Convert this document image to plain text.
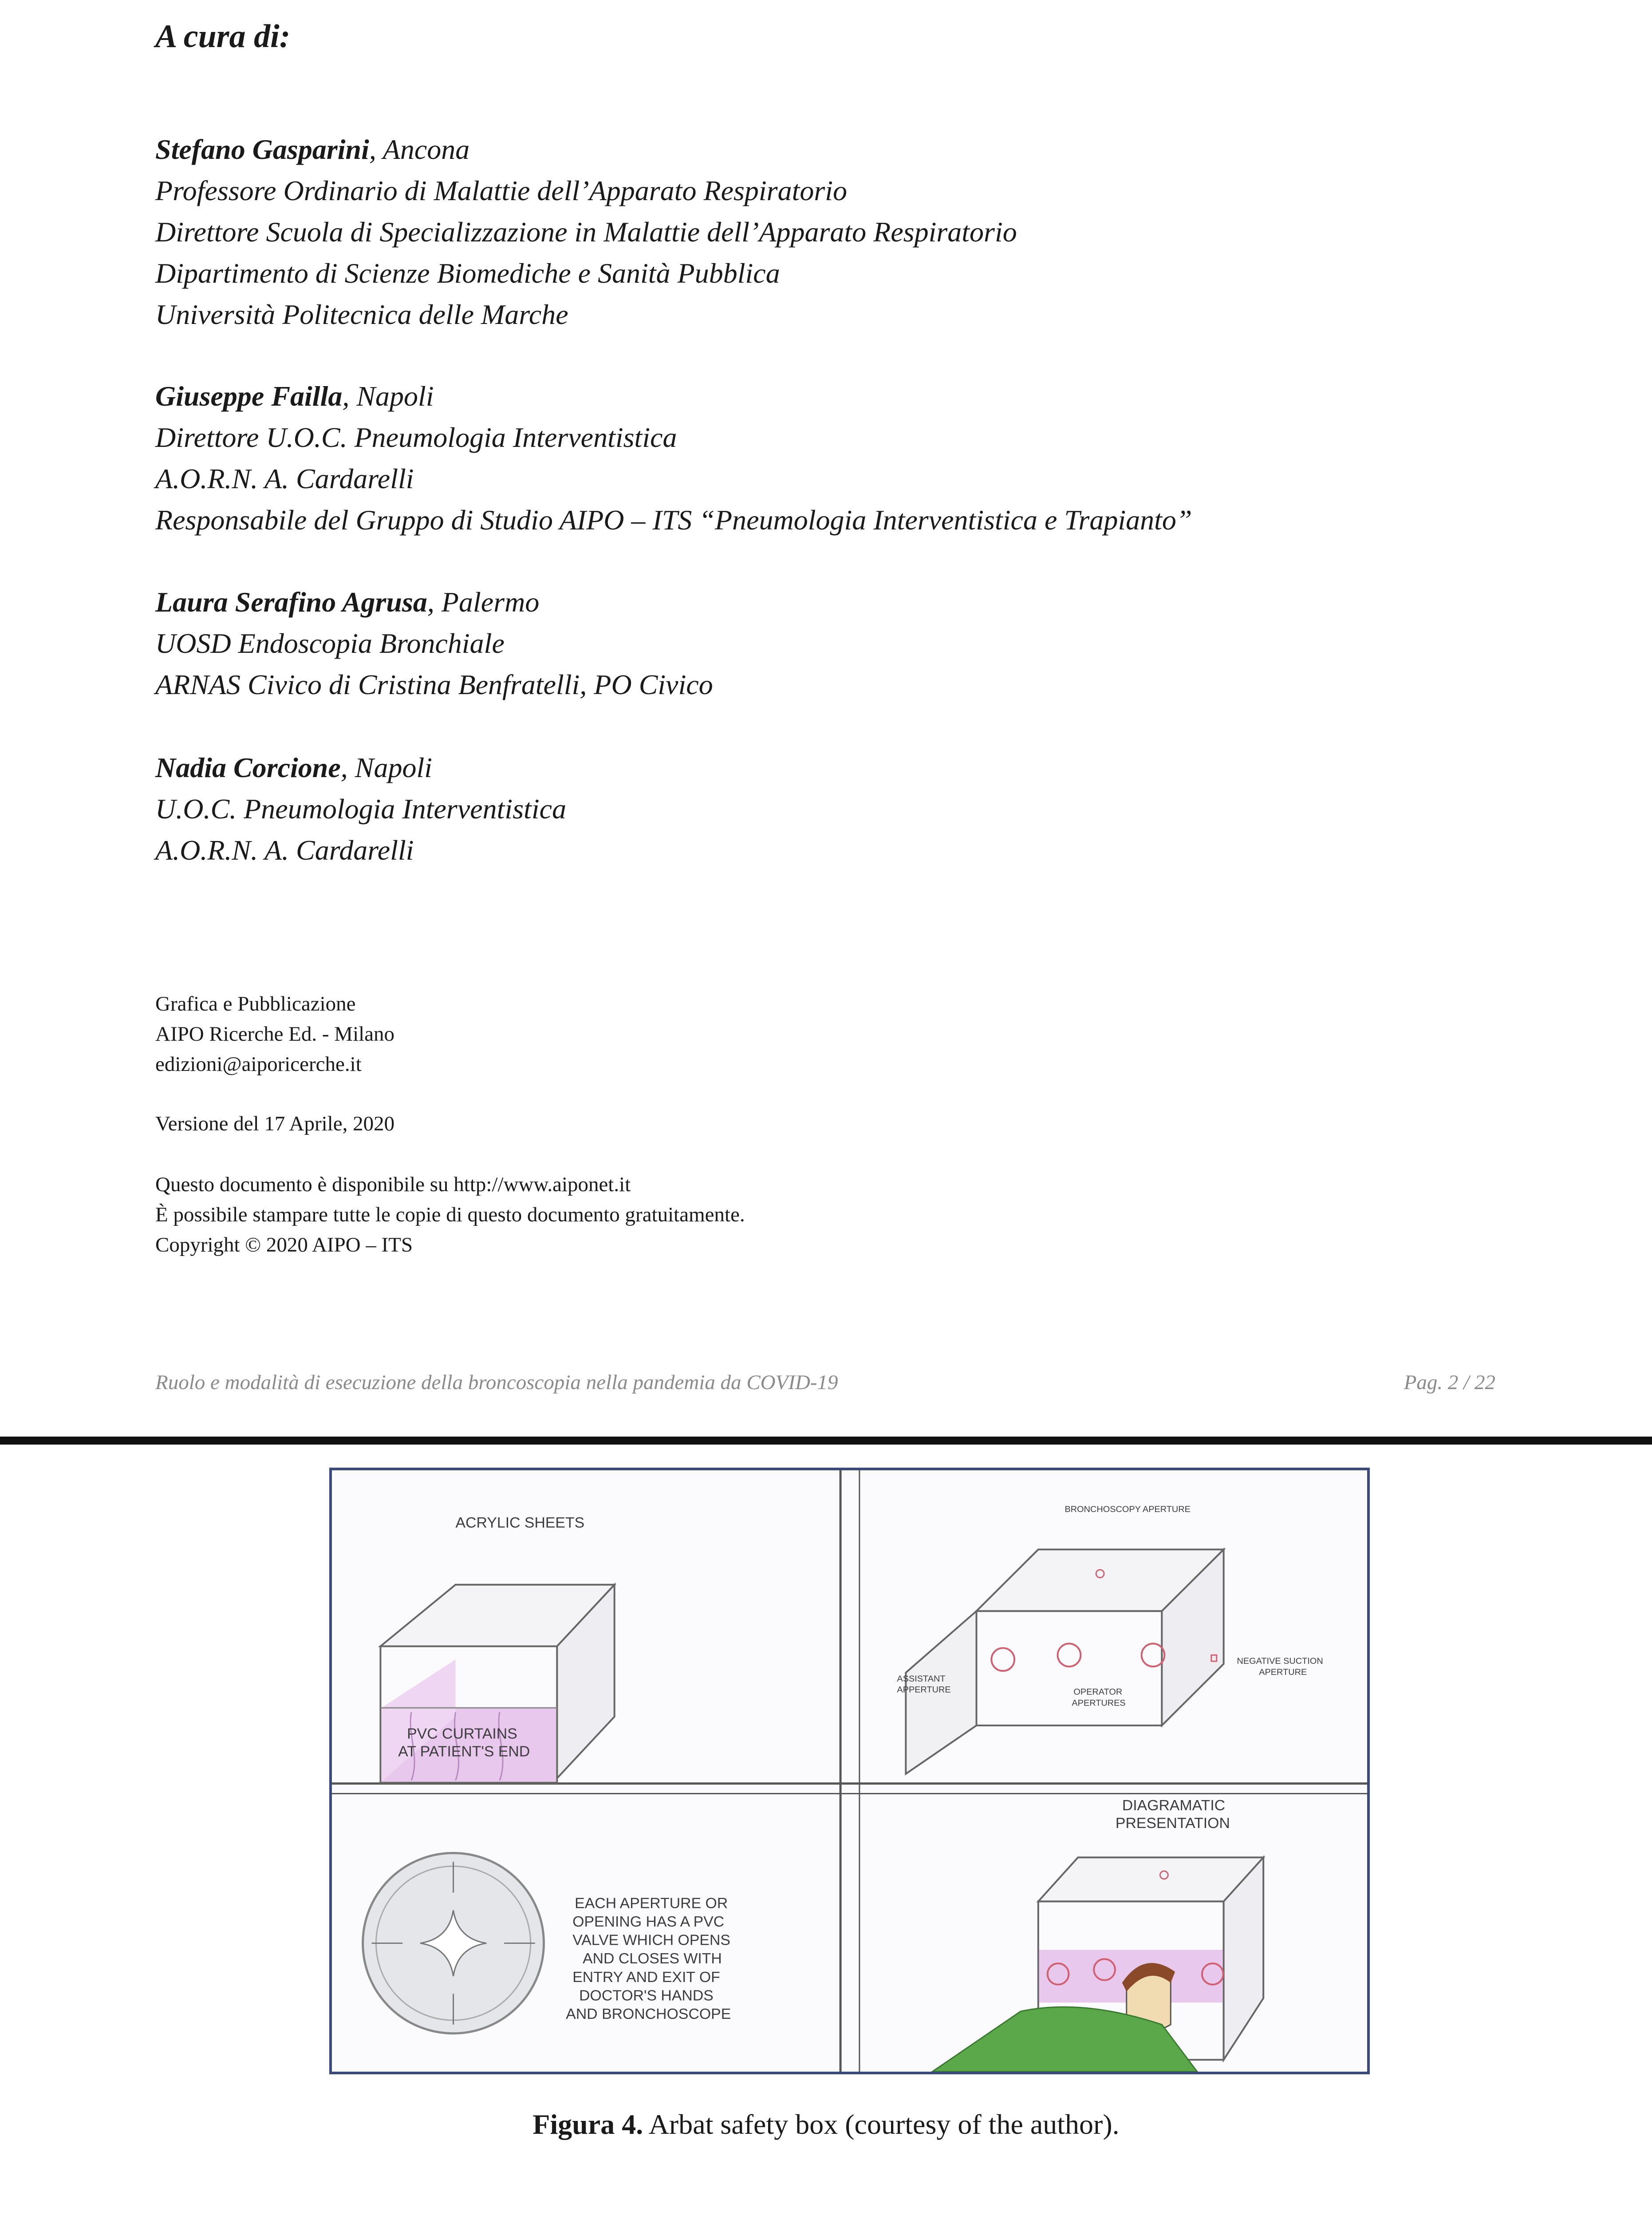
A cura di:
Stefano Gasparini, Ancona
Professore Ordinario di Malattie dell’Apparato Respiratorio
Direttore Scuola di Specializzazione in Malattie dell’Apparato Respiratorio
Dipartimento di Scienze Biomediche e Sanità Pubblica
Università Politecnica delle Marche
Giuseppe Failla, Napoli
Direttore U.O.C. Pneumologia Interventistica
A.O.R.N. A. Cardarelli
Responsabile del Gruppo di Studio AIPO – ITS “Pneumologia Interventistica e Trapianto”
Laura Serafino Agrusa, Palermo
UOSD Endoscopia Bronchiale
ARNAS Civico di Cristina Benfratelli, PO Civico
Nadia Corcione, Napoli
U.O.C. Pneumologia Interventistica
A.O.R.N. A. Cardarelli
Grafica e Pubblicazione
AIPO Ricerche Ed. - Milano
edizioni@aiporicerche.it
Versione del 17 Aprile, 2020
Questo documento è disponibile su http://www.aiponet.it
È possibile stampare tutte le copie di questo documento gratuitamente.
Copyright © 2020 AIPO – ITS
Ruolo e modalità di esecuzione della broncoscopia nella pandemia da COVID-19	Pag. 2 / 22
ACRYLIC SHEETS
PVC CURTAINS
AT PATIENT'S END
BRONCHOSCOPY APERTURE
ASSISTANT
APPERTURE	OPERATOR
APERTURES
NEGATIVE SUCTION
APERTURE
EACH APERTURE OR
OPENING HAS A PVC
VALVE WHICH OPENS
AND CLOSES WITH
ENTRY AND EXIT OF
DOCTOR'S HANDS
AND BRONCHOSCOPE
DIAGRAMATIC
PRESENTATION
Figura 4. Arbat safety box (courtesy of the author).
